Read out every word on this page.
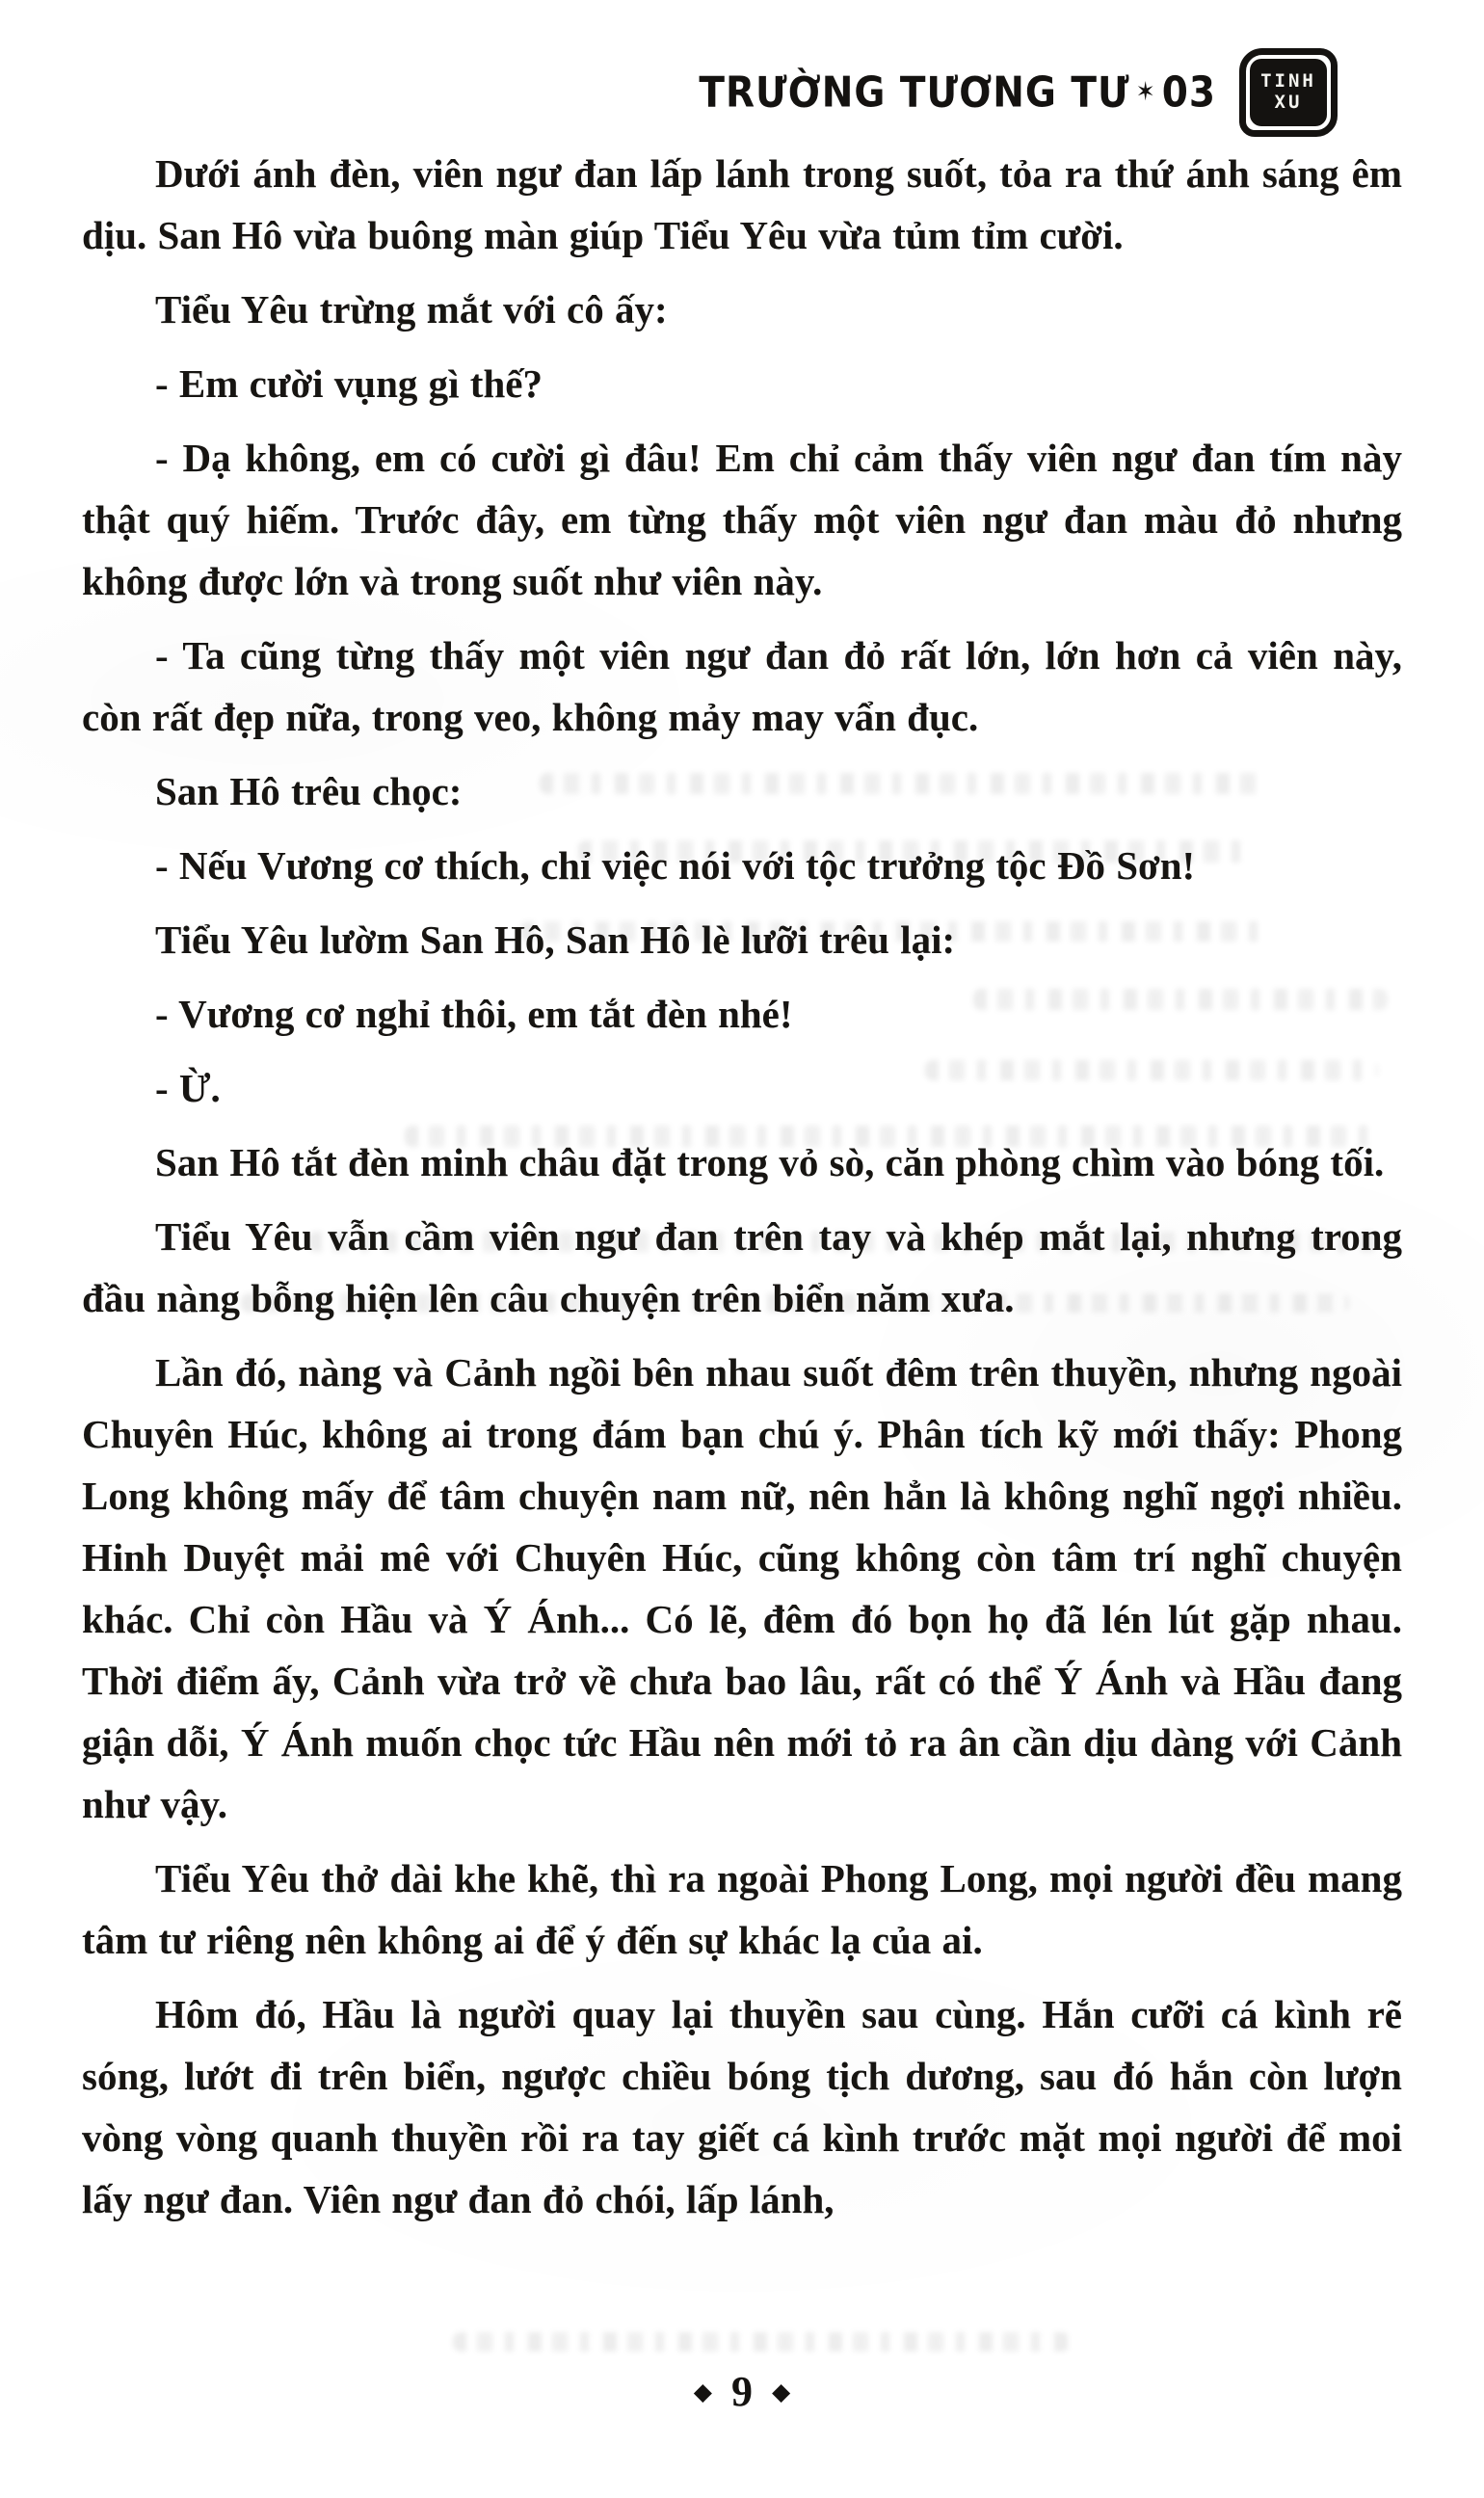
TRƯỜNG TƯƠNG TƯ ✶ 03 TINH
XU

Dưới ánh đèn, viên ngư đan lấp lánh trong suốt, tỏa ra thứ ánh sáng êm dịu. San Hô vừa buông màn giúp Tiểu Yêu vừa tủm tỉm cười.

Tiểu Yêu trừng mắt với cô ấy:

- Em cười vụng gì thế?

- Dạ không, em có cười gì đâu! Em chỉ cảm thấy viên ngư đan tím này thật quý hiếm. Trước đây, em từng thấy một viên ngư đan màu đỏ nhưng không được lớn và trong suốt như viên này.

- Ta cũng từng thấy một viên ngư đan đỏ rất lớn, lớn hơn cả viên này, còn rất đẹp nữa, trong veo, không mảy may vẩn đục.

San Hô trêu chọc:

- Nếu Vương cơ thích, chỉ việc nói với tộc trưởng tộc Đồ Sơn!

Tiểu Yêu lườm San Hô, San Hô lè lưỡi trêu lại:

- Vương cơ nghỉ thôi, em tắt đèn nhé!

- Ừ.

San Hô tắt đèn minh châu đặt trong vỏ sò, căn phòng chìm vào bóng tối.

Tiểu Yêu vẫn cầm viên ngư đan trên tay và khép mắt lại, nhưng trong đầu nàng bỗng hiện lên câu chuyện trên biển năm xưa.

Lần đó, nàng và Cảnh ngồi bên nhau suốt đêm trên thuyền, nhưng ngoài Chuyên Húc, không ai trong đám bạn chú ý. Phân tích kỹ mới thấy: Phong Long không mấy để tâm chuyện nam nữ, nên hẳn là không nghĩ ngợi nhiều. Hinh Duyệt mải mê với Chuyên Húc, cũng không còn tâm trí nghĩ chuyện khác. Chỉ còn Hầu và Ý Ánh... Có lẽ, đêm đó bọn họ đã lén lút gặp nhau. Thời điểm ấy, Cảnh vừa trở về chưa bao lâu, rất có thể Ý Ánh và Hầu đang giận dỗi, Ý Ánh muốn chọc tức Hầu nên mới tỏ ra ân cần dịu dàng với Cảnh như vậy.

Tiểu Yêu thở dài khe khẽ, thì ra ngoài Phong Long, mọi người đều mang tâm tư riêng nên không ai để ý đến sự khác lạ của ai.

Hôm đó, Hầu là người quay lại thuyền sau cùng. Hắn cưỡi cá kình rẽ sóng, lướt đi trên biển, ngược chiều bóng tịch dương, sau đó hắn còn lượn vòng vòng quanh thuyền rồi ra tay giết cá kình trước mặt mọi người để moi lấy ngư đan. Viên ngư đan đỏ chói, lấp lánh,

◆ 9 ◆
